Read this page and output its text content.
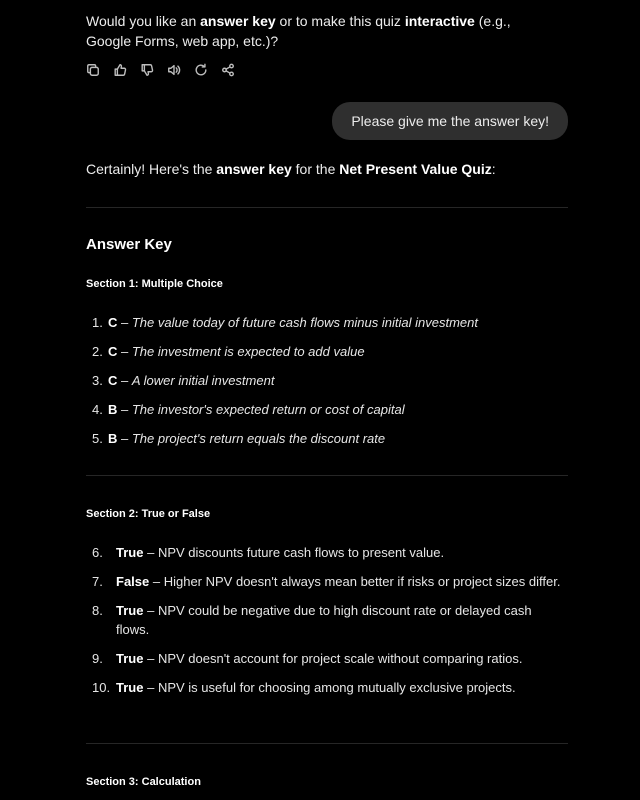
Would you like an answer key or to make this quiz interactive (e.g., Google Forms, web app, etc.)?
Please give me the answer key!
Certainly! Here's the answer key for the Net Present Value Quiz:
Answer Key
Section 1: Multiple Choice
1. C – The value today of future cash flows minus initial investment
2. C – The investment is expected to add value
3. C – A lower initial investment
4. B – The investor's expected return or cost of capital
5. B – The project's return equals the discount rate
Section 2: True or False
6.	True – NPV discounts future cash flows to present value.
7.	False – Higher NPV doesn't always mean better if risks or project sizes differ.
8.	True – NPV could be negative due to high discount rate or delayed cash flows.
9.	True – NPV doesn't account for project scale without comparing ratios.
10. True – NPV is useful for choosing among mutually exclusive projects.
Section 3: Calculation
